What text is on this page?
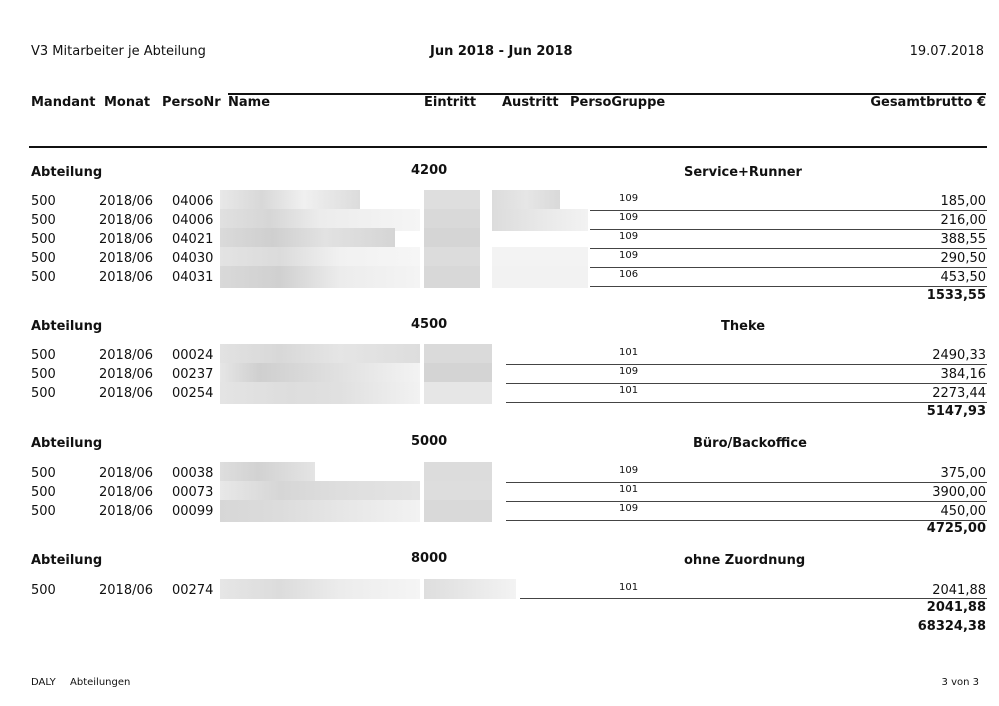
V3 Mitarbeiter je Abteilung	Jun 2018 - Jun 2018	19.07.2018
Mandant Monat PersoNr Name	Eintritt Austritt PersoGruppe	Gesamtbrutto €
Abteilung	4200	Service+Runner
500	2018/06 04006	109	185,00
500	2018/06 04006	109	216,00
500	2018/06 04021	109	388,55
500	2018/06 04030	109	290,50
500	2018/06 04031	106	453,50
1533,55
Abteilung	4500	Theke
500	2018/06 00024	101	2490,33
500	2018/06 00237	109	384,16
500	2018/06 00254	101	2273,44
5147,93
Abteilung	5000	Büro/Backoffice
500	2018/06 00038	109	375,00
500	2018/06 00073	101	3900,00
500	2018/06 00099	109	450,00
4725,00
Abteilung	8000	ohne Zuordnung
500	2018/06 00274	101	2041,88
2041,88
68324,38
DALY Abteilungen	3 von 3
